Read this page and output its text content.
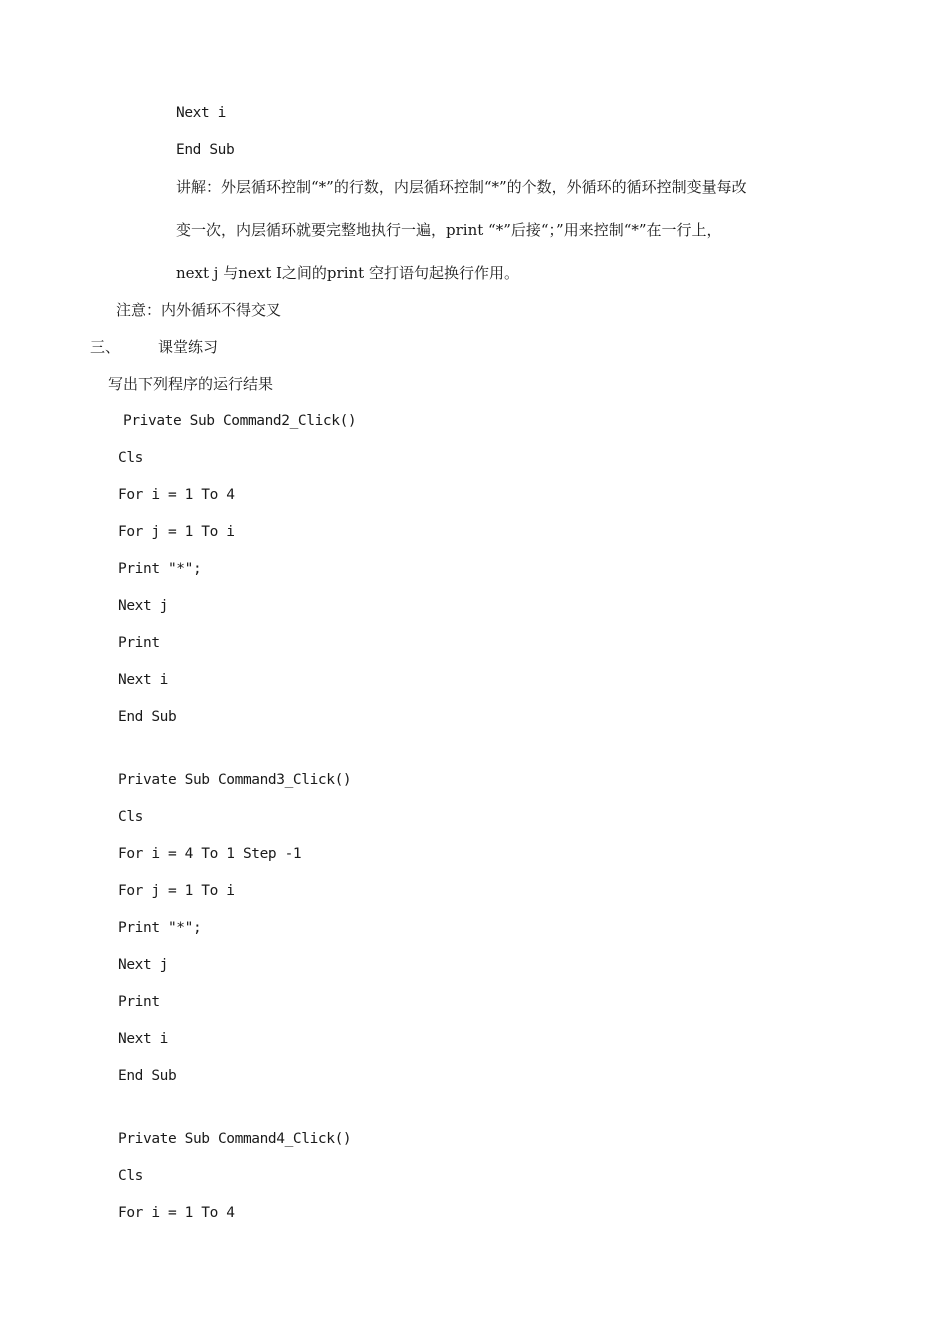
Next i

End Sub

讲解：外层循环控制“*”的行数，内层循环控制“*”的个数，外循环的循环控制变量每改

变一次，内层循环就要完整地执行一遍，print “*”后接“；”用来控制“*”在一行上，

next j 与next I之间的print 空打语句起换行作用。

注意：内外循环不得交叉

三、	课堂练习

写出下列程序的运行结果

Private Sub Command2_Click()

Cls

For i = 1 To 4

For j = 1 To i

Print "*";

Next j

Print

Next i

End Sub

Private Sub Command3_Click()

Cls

For i = 4 To 1 Step -1

For j = 1 To i

Print "*";

Next j

Print

Next i

End Sub

Private Sub Command4_Click()

Cls

For i = 1 To 4
